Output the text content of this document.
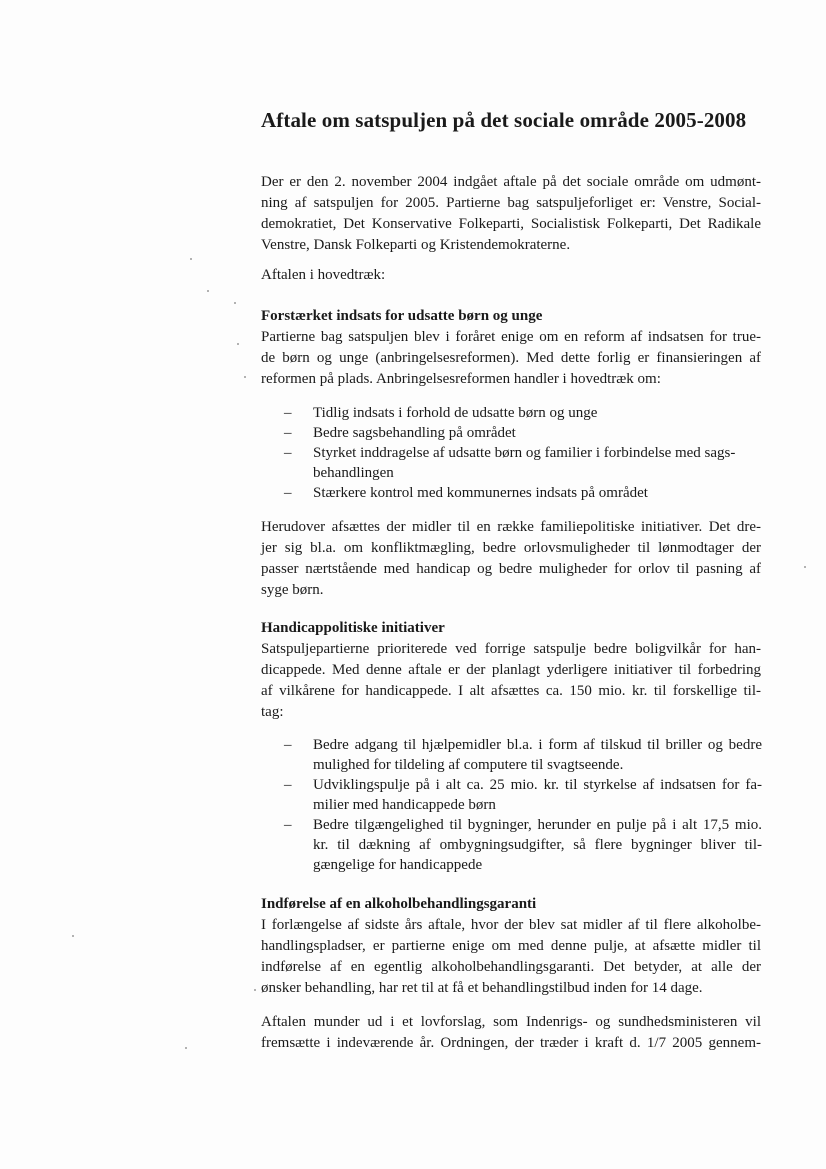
Aftale om satspuljen på det sociale område 2005-2008

Der er den 2. november 2004 indgået aftale på det sociale område om udmønt-
ning af satspuljen for 2005. Partierne bag satspuljeforliget er: Venstre, Social-
demokratiet, Det Konservative Folkeparti, Socialistisk Folkeparti, Det Radikale
Venstre, Dansk Folkeparti og Kristendemokraterne.

Aftalen i hovedtræk:

Forstærket indsats for udsatte børn og unge
Partierne bag satspuljen blev i foråret enige om en reform af indsatsen for true-
de børn og unge (anbringelsesreformen). Med dette forlig er finansieringen af
reformen på plads. Anbringelsesreformen handler i hovedtræk om:

– Tidlig indsats i forhold de udsatte børn og unge
– Bedre sagsbehandling på området
– Styrket inddragelse af udsatte børn og familier i forbindelse med sags-
behandlingen
– Stærkere kontrol med kommunernes indsats på området

Herudover afsættes der midler til en række familiepolitiske initiativer. Det dre-
jer sig bl.a. om konfliktmægling, bedre orlovsmuligheder til lønmodtager der
passer nærtstående med handicap og bedre muligheder for orlov til pasning af
syge børn.

Handicappolitiske initiativer
Satspuljepartierne prioriterede ved forrige satspulje bedre boligvilkår for han-
dicappede. Med denne aftale er der planlagt yderligere initiativer til forbedring
af vilkårene for handicappede. I alt afsættes ca. 150 mio. kr. til forskellige til-
tag:

– Bedre adgang til hjælpemidler bl.a. i form af tilskud til briller og bedre
mulighed for tildeling af computere til svagtseende.
– Udviklingspulje på i alt ca. 25 mio. kr. til styrkelse af indsatsen for fa-
milier med handicappede børn
– Bedre tilgængelighed til bygninger, herunder en pulje på i alt 17,5 mio.
kr. til dækning af ombygningsudgifter, så flere bygninger bliver til-
gængelige for handicappede

Indførelse af en alkoholbehandlingsgaranti
I forlængelse af sidste års aftale, hvor der blev sat midler af til flere alkoholbe-
handlingspladser, er partierne enige om med denne pulje, at afsætte midler til
indførelse af en egentlig alkoholbehandlingsgaranti. Det betyder, at alle der
ønsker behandling, har ret til at få et behandlingstilbud inden for 14 dage.

Aftalen munder ud i et lovforslag, som Indenrigs- og sundhedsministeren vil
fremsætte i indeværende år. Ordningen, der træder i kraft d. 1/7 2005 gennem-
